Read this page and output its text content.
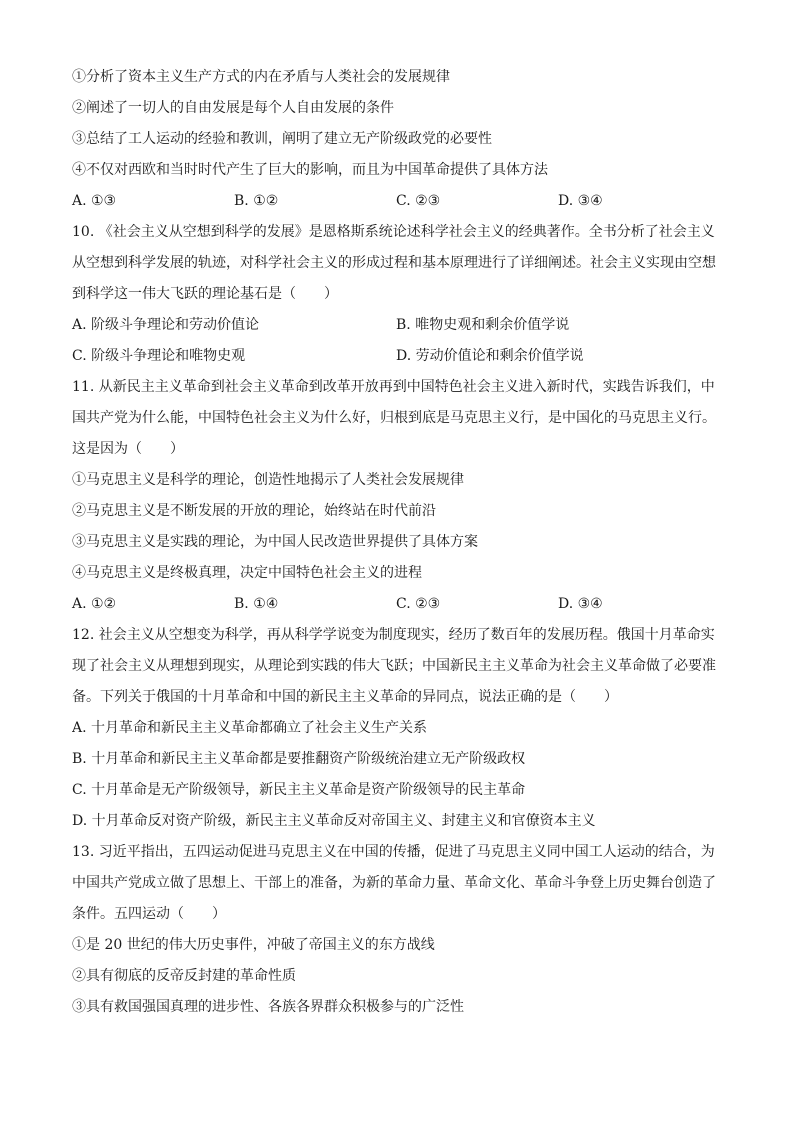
①分析了资本主义生产方式的内在矛盾与人类社会的发展规律
②阐述了一切人的自由发展是每个人自由发展的条件
③总结了工人运动的经验和教训，阐明了建立无产阶级政党的必要性
④不仅对西欧和当时时代产生了巨大的影响，而且为中国革命提供了具体方法
A. ①③	B. ①②	C. ②③	D. ③④
10. 《社会主义从空想到科学的发展》是恩格斯系统论述科学社会主义的经典著作。全书分析了社会主义
从空想到科学发展的轨迹，对科学社会主义的形成过程和基本原理进行了详细阐述。社会主义实现由空想
到科学这一伟大飞跃的理论基石是（　　）
A. 阶级斗争理论和劳动价值论	B. 唯物史观和剩余价值学说
C. 阶级斗争理论和唯物史观	D. 劳动价值论和剩余价值学说
11. 从新民主主义革命到社会主义革命到改革开放再到中国特色社会主义进入新时代，实践告诉我们，中
国共产党为什么能，中国特色社会主义为什么好，归根到底是马克思主义行，是中国化的马克思主义行。
这是因为（　　）
①马克思主义是科学的理论，创造性地揭示了人类社会发展规律
②马克思主义是不断发展的开放的理论，始终站在时代前沿
③马克思主义是实践的理论，为中国人民改造世界提供了具体方案
④马克思主义是终极真理，决定中国特色社会主义的进程
A. ①②	B. ①④	C. ②③	D. ③④
12. 社会主义从空想变为科学，再从科学学说变为制度现实，经历了数百年的发展历程。俄国十月革命实
现了社会主义从理想到现实，从理论到实践的伟大飞跃；中国新民主主义革命为社会主义革命做了必要准
备。下列关于俄国的十月革命和中国的新民主主义革命的异同点，说法正确的是（　　）
A. 十月革命和新民主主义革命都确立了社会主义生产关系
B. 十月革命和新民主主义革命都是要推翻资产阶级统治建立无产阶级政权
C. 十月革命是无产阶级领导，新民主主义革命是资产阶级领导的民主革命
D. 十月革命反对资产阶级，新民主主义革命反对帝国主义、封建主义和官僚资本主义
13. 习近平指出，五四运动促进马克思主义在中国的传播，促进了马克思主义同中国工人运动的结合，为
中国共产党成立做了思想上、干部上的准备，为新的革命力量、革命文化、革命斗争登上历史舞台创造了
条件。五四运动（　　）
①是 20 世纪的伟大历史事件，冲破了帝国主义的东方战线
②具有彻底的反帝反封建的革命性质
③具有救国强国真理的进步性、各族各界群众积极参与的广泛性
